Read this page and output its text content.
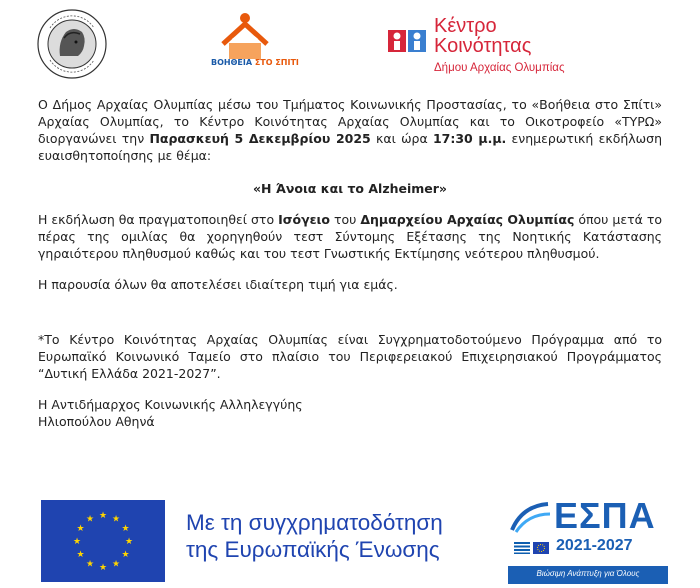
ΒΟΗΘΕΙΑ ΣΤΟ ΣΠΙΤΙ
Κέντρο
Κοινότητας
Δήμου Αρχαίας Ολυμπίας

Ο Δήμος Αρχαίας Ολυμπίας μέσω του Τμήματος Κοινωνικής Προστασίας, το «Βοήθεια στο Σπίτι» Αρχαίας Ολυμπίας, το Κέντρο Κοινότητας Αρχαίας Ολυμπίας και το Οικοτροφείο «ΤΥΡΩ» διοργανώνει την Παρασκευή 5 Δεκεμβρίου 2025 και ώρα 17:30 μ.μ. ενημερωτική εκδήλωση ευαισθητοποίησης με θέμα:

«Η Άνοια και το Alzheimer»

Η εκδήλωση θα πραγματοποιηθεί στο Ισόγειο του Δημαρχείου Αρχαίας Ολυμπίας όπου μετά το πέρας της ομιλίας θα χορηγηθούν τεστ Σύντομης Εξέτασης της Νοητικής Κατάστασης γηραιότερου πληθυσμού καθώς και του τεστ Γνωστικής Εκτίμησης νεότερου πληθυσμού.

Η παρουσία όλων θα αποτελέσει ιδιαίτερη τιμή για εμάς.

*Το Κέντρο Κοινότητας Αρχαίας Ολυμπίας είναι Συγχρηματοδοτούμενο Πρόγραμμα από το Ευρωπαϊκό Κοινωνικό Ταμείο στο πλαίσιο του Περιφερειακού Επιχειρησιακού Προγράμματος “Δυτική Ελλάδα 2021-2027”.

Η Αντιδήμαρχος Κοινωνικής Αλληλεγγύης
Ηλιοπούλου Αθηνά

★ ★
★
★
★
★
★
★
★
★
★
★	Με τη συγχρηματοδότηση
της Ευρωπαϊκής Ένωσης
ΕΣΠΑ
2021-2027
Βιώσιμη Ανάπτυξη για Όλους
